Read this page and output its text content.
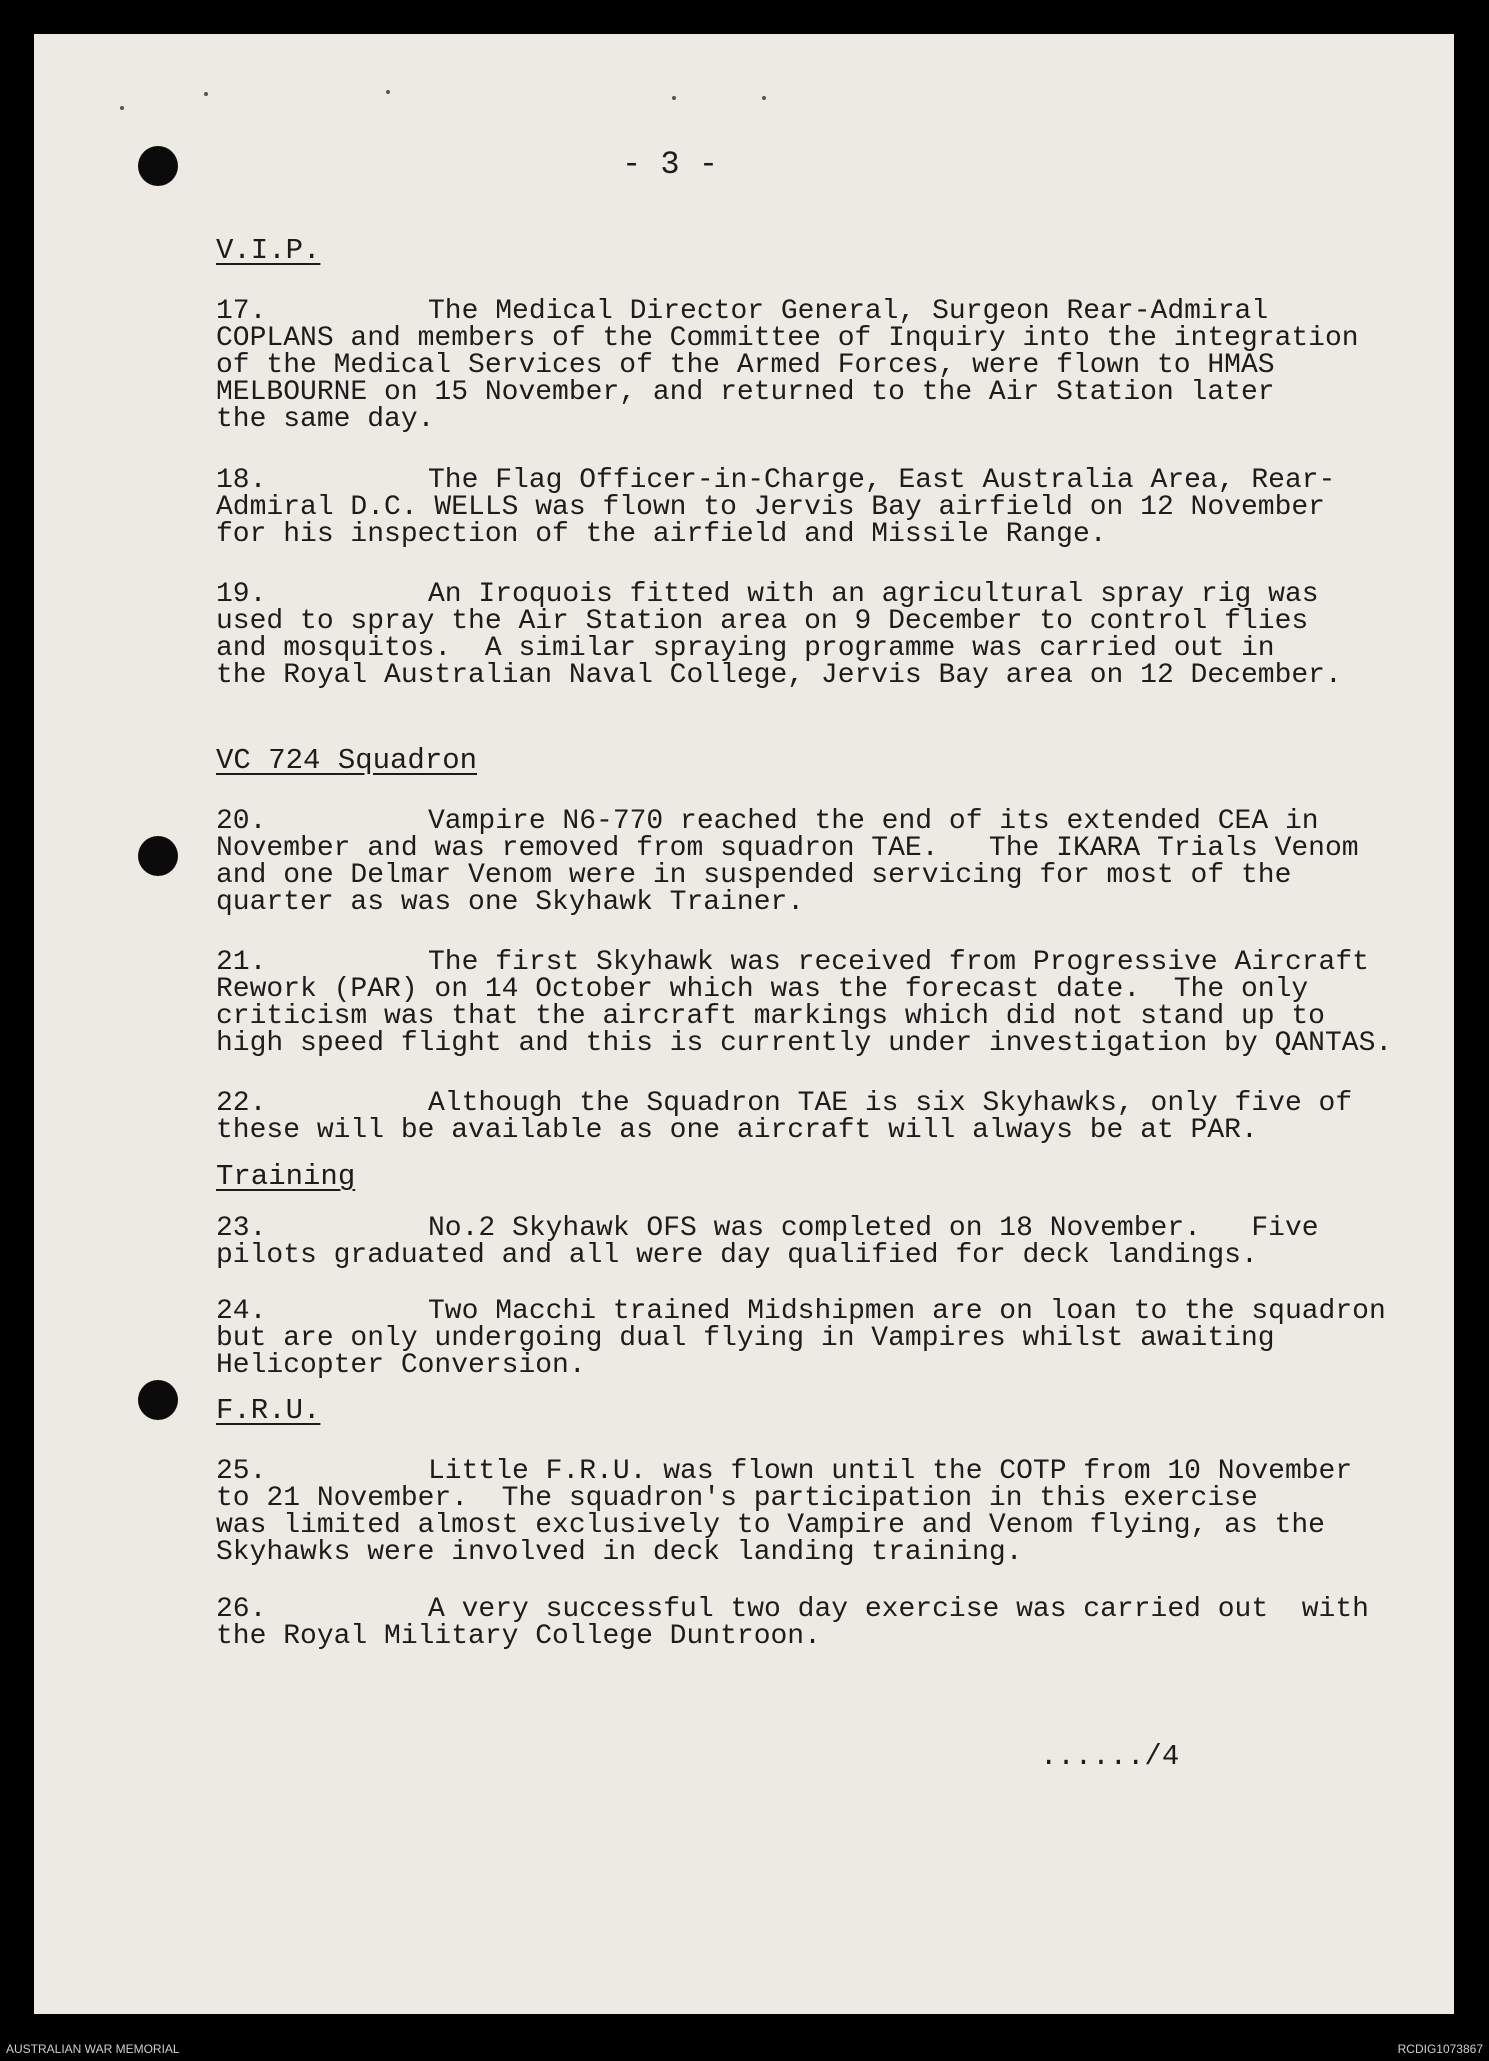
- 3 -
V.I.P.
17.	The Medical Director General, Surgeon Rear-Admiral
COPLANS and members of the Committee of Inquiry into the integration
of the Medical Services of the Armed Forces, were flown to HMAS
MELBOURNE on 15 November, and returned to the Air Station later
the same day.
18.	The Flag Officer-in-Charge, East Australia Area, Rear-
Admiral D.C. WELLS was flown to Jervis Bay airfield on 12 November
for his inspection of the airfield and Missile Range.
19.	An Iroquois fitted with an agricultural spray rig was
used to spray the Air Station area on 9 December to control flies
and mosquitos.  A similar spraying programme was carried out in
the Royal Australian Naval College, Jervis Bay area on 12 December.
VC 724 Squadron
20.	Vampire N6-770 reached the end of its extended CEA in
November and was removed from squadron TAE.   The IKARA Trials Venom
and one Delmar Venom were in suspended servicing for most of the
quarter as was one Skyhawk Trainer.
21.	The first Skyhawk was received from Progressive Aircraft
Rework (PAR) on 14 October which was the forecast date.  The only
criticism was that the aircraft markings which did not stand up to
high speed flight and this is currently under investigation by QANTAS.
22.	Although the Squadron TAE is six Skyhawks, only five of
these will be available as one aircraft will always be at PAR.
Training
23.	No.2 Skyhawk OFS was completed on 18 November.   Five
pilots graduated and all were day qualified for deck landings.
24.	Two Macchi trained Midshipmen are on loan to the squadron
but are only undergoing dual flying in Vampires whilst awaiting
Helicopter Conversion.
F.R.U.
25.	Little F.R.U. was flown until the COTP from 10 November
to 21 November.  The squadron's participation in this exercise
was limited almost exclusively to Vampire and Venom flying, as the
Skyhawks were involved in deck landing training.
26.	A very successful two day exercise was carried out  with
the Royal Military College Duntroon.
....../4
AUSTRALIAN WAR MEMORIAL	RCDIG1073867
